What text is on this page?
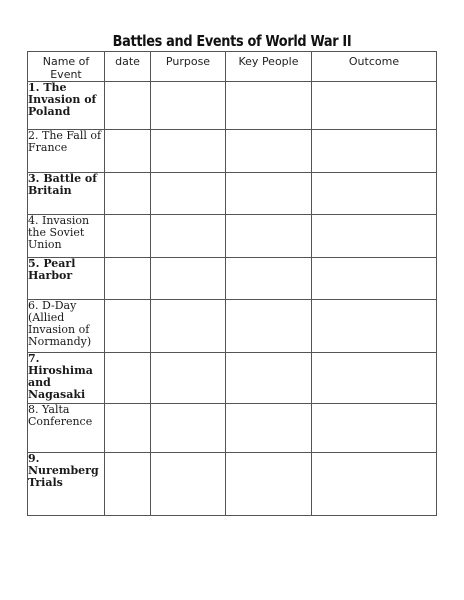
Battles and Events of World War II
Name of Event	date	Purpose	Key People	Outcome
1. The Invasion of Poland				
2. The Fall of France				
3. Battle of Britain				
4. Invasion the Soviet Union				
5. Pearl Harbor				
6. D-Day (Allied Invasion of Normandy)				
7. Hiroshima and Nagasaki				
8. Yalta Conference				
9. Nuremberg Trials				
